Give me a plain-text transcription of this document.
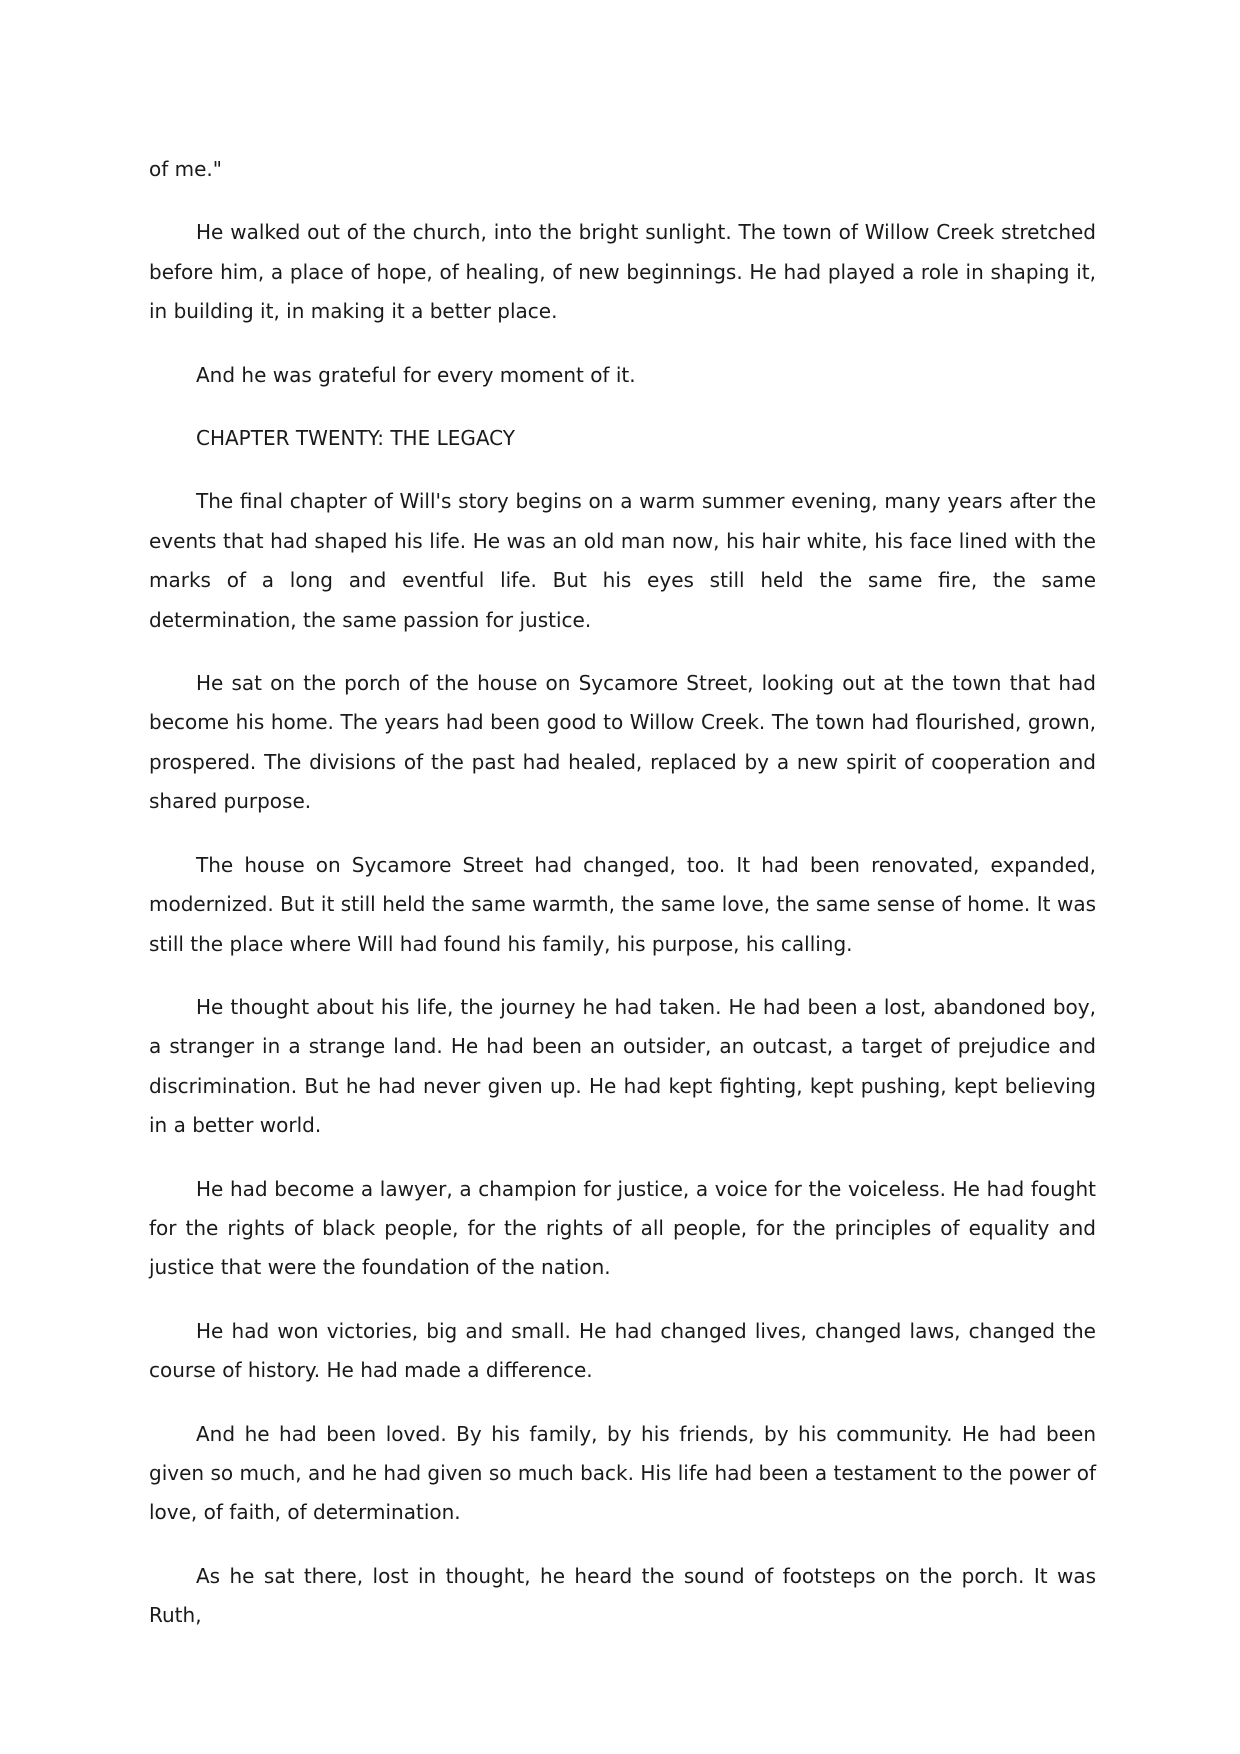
of me."

He walked out of the church, into the bright sunlight. The town of Willow Creek stretched before him, a place of hope, of healing, of new beginnings. He had played a role in shaping it, in building it, in making it a better place.

And he was grateful for every moment of it.

CHAPTER TWENTY: THE LEGACY

The final chapter of Will's story begins on a warm summer evening, many years after the events that had shaped his life. He was an old man now, his hair white, his face lined with the marks of a long and eventful life. But his eyes still held the same fire, the same determination, the same passion for justice.

He sat on the porch of the house on Sycamore Street, looking out at the town that had become his home. The years had been good to Willow Creek. The town had flourished, grown, prospered. The divisions of the past had healed, replaced by a new spirit of cooperation and shared purpose.

The house on Sycamore Street had changed, too. It had been renovated, expanded, modernized. But it still held the same warmth, the same love, the same sense of home. It was still the place where Will had found his family, his purpose, his calling.

He thought about his life, the journey he had taken. He had been a lost, abandoned boy, a stranger in a strange land. He had been an outsider, an outcast, a target of prejudice and discrimination. But he had never given up. He had kept fighting, kept pushing, kept believing in a better world.

He had become a lawyer, a champion for justice, a voice for the voiceless. He had fought for the rights of black people, for the rights of all people, for the principles of equality and justice that were the foundation of the nation.

He had won victories, big and small. He had changed lives, changed laws, changed the course of history. He had made a difference.

And he had been loved. By his family, by his friends, by his community. He had been given so much, and he had given so much back. His life had been a testament to the power of love, of faith, of determination.

As he sat there, lost in thought, he heard the sound of footsteps on the porch. It was Ruth,
